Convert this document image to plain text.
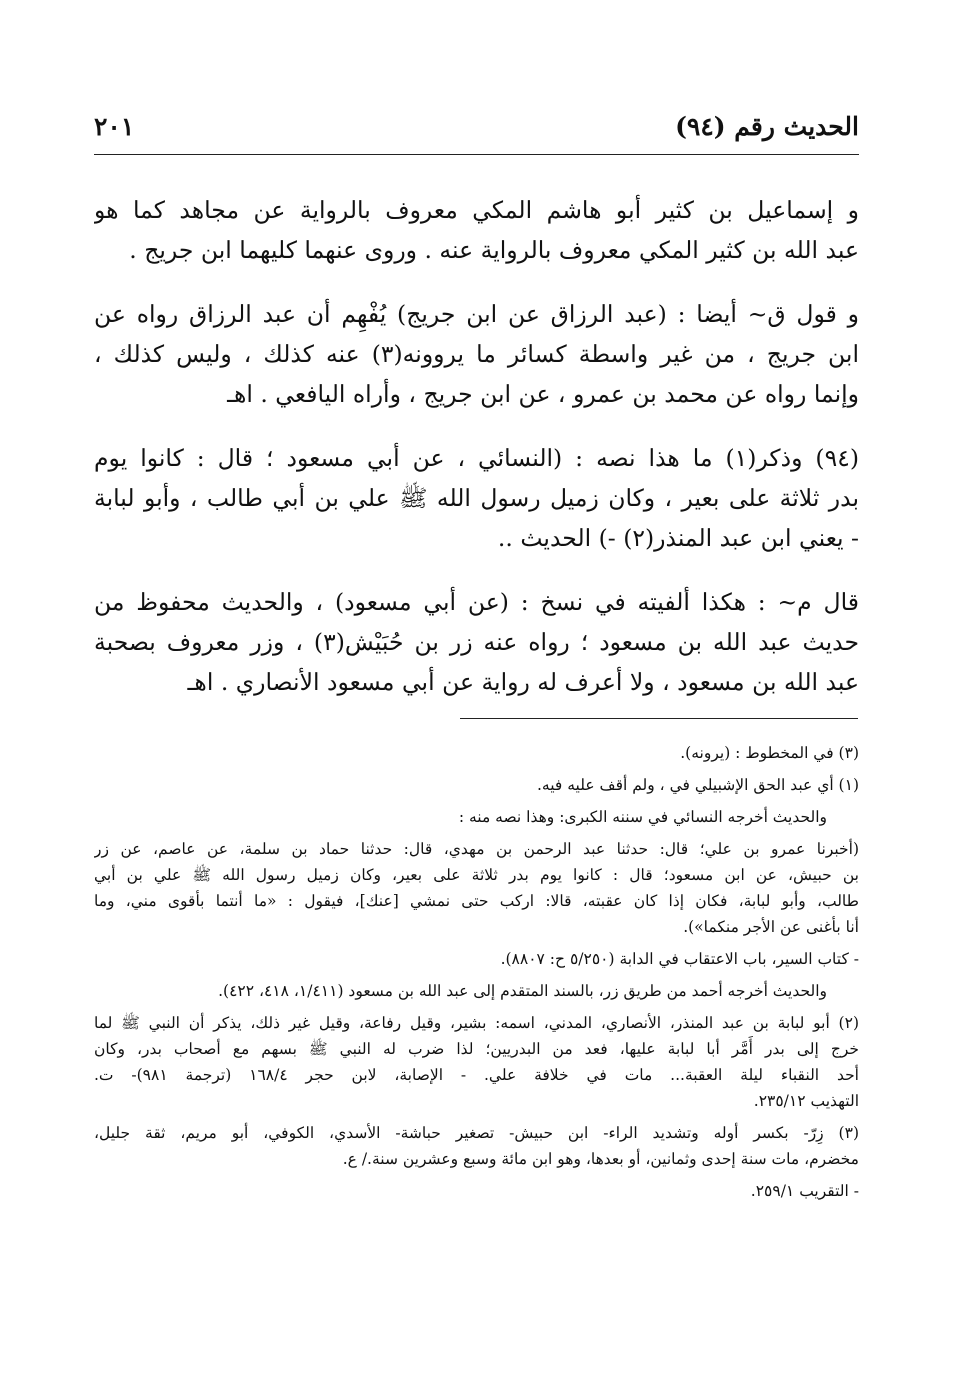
الحديث رقم (٩٤)
٢٠١
و إسماعيل بن كثير أبو هاشم المكي معروف بالرواية عن مجاهد كما هو
عبد الله بن كثير المكي معروف بالرواية عنه . وروى عنهما كليهما ابن جريج .
و قول ق~ أيضا : (عبد الرزاق عن ابن جريج) يُفْهِم أن عبد الرزاق رواه عن
ابن جريج ، من غير واسطة كسائر ما يروونه(٣) عنه كذلك ، وليس كذلك ،
وإنما رواه عن محمد بن عمرو ، عن ابن جريج ، وأراه اليافعي . اهـ
(٩٤) وذكر(١) ما هذا نصه : (النسائي ، عن أبي مسعود ؛ قال : كانوا يوم
بدر ثلاثة على بعير ، وكان زميل رسول الله ﷺ علي بن أبي طالب ، وأبو لبابة
- يعني ابن عبد المنذر(٢) -) الحديث ..
قال م~ : هكذا ألفيته في نسخ : (عن أبي مسعود) ، والحديث محفوظ من
حديث عبد الله بن مسعود ؛ رواه عنه زر بن حُبَيْش(٣) ، وزر معروف بصحبة
عبد الله بن مسعود ، ولا أعرف له رواية عن أبي مسعود الأنصاري . اهـ
(٣) في المخطوط : (يرونه).
(١) أي عبد الحق الإشبيلي في ، ولم أقف عليه فيه.
والحديث أخرجه النسائي في سننه الكبرى: وهذا نصه منه :
(أخبرنا عمرو بن علي؛ قال: حدثنا عبد الرحمن بن مهدي، قال: حدثنا حماد بن سلمة، عن عاصم، عن زر
بن حبيش، عن ابن مسعود؛ قال : كانوا يوم بدر ثلاثة على بعير، وكان زميل رسول الله ﷺ علي بن أبي
طالب، وأبو لبابة، فكان إذا كان عقبته، قالا: اركب حتى نمشي [عنك]، فيقول : «ما أنتما بأقوى مني، وما
أنا بأغنى عن الأجر منكما»).
- كتاب السير، باب الاعتقاب في الدابة (٥/٢٥٠ ح: ٨٨٠٧).
والحديث أخرجه أحمد من طريق زر، بالسند المتقدم إلى عبد الله بن مسعود (١/٤١١، ٤١٨، ٤٢٢).
(٢) أبو لبابة بن عبد المنذر، الأنصاري، المدني، اسمه: بشير، وقيل رفاعة، وقيل غير ذلك، يذكر أن النبي ﷺ لما
خرج إلى بدر أَمَّر أبا لبابة عليها، فعد من البدريين؛ لذا ضرب له النبي ﷺ بسهم مع أصحاب بدر، وكان
أحد النقباء ليلة العقبة... مات في خلافة علي. - الإصابة، لابن حجر ١٦٨/٤ (ترجمة ٩٨١)- ت.
التهذيب ٢٣٥/١٢.
(٣) زِرّ- بكسر أوله وتشديد الراء- ابن حبيش- تصغير حباشة- الأسدي، الكوفي، أبو مريم، ثقة جليل،
مخضرم، مات سنة إحدى وثمانين، أو بعدها، وهو ابن مائة وسبع وعشرين سنة./ ع.
- التقريب ٢٥٩/١.
